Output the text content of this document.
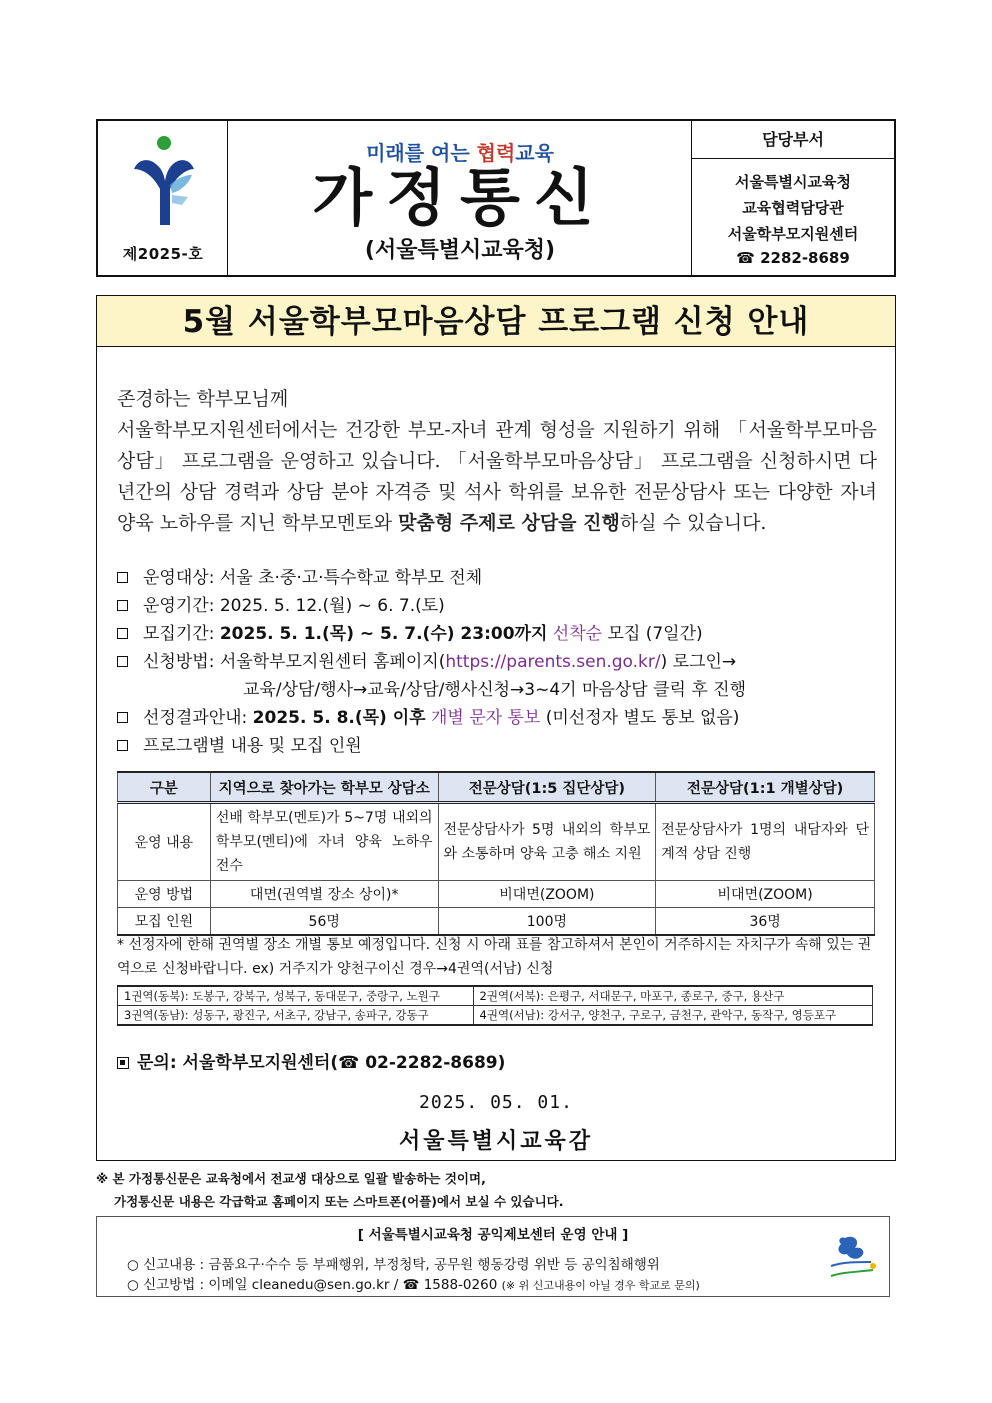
제2025-호
미래를 여는 협력교육
가정통신
(서울특별시교육청)
담당부서
서울특별시교육청
교육협력담당관
서울학부모지원센터
☎ 2282-8689
5월 서울학부모마음상담 프로그램 신청 안내

존경하는 학부모님께

서울학부모지원센터에서는 건강한 부모-자녀 관계 형성을 지원하기 위해 「서울학부모마음상담」 프로그램을 운영하고 있습니다. 「서울학부모마음상담」 프로그램을 신청하시면 다년간의 상담 경력과 상담 분야 자격증 및 석사 학위를 보유한 전문상담사 또는 다양한 자녀 양육 노하우를 지닌 학부모멘토와 맞춤형 주제로 상담을 진행하실 수 있습니다.

운영대상: 서울 초·중·고·특수학교 학부모 전체
운영기간: 2025. 5. 12.(월) ~ 6. 7.(토)
모집기간: 2025. 5. 1.(목) ~ 5. 7.(수) 23:00까지 선착순 모집 (7일간)
신청방법: 서울학부모지원센터 홈페이지(https://parents.sen.go.kr/) 로그인→
교육/상담/행사→교육/상담/행사신청→3~4기 마음상담 클릭 후 진행
선정결과안내: 2025. 5. 8.(목) 이후 개별 문자 통보 (미선정자 별도 통보 없음)
프로그램별 내용 및 모집 인원
구분	지역으로 찾아가는 학부모 상담소	전문상담(1:5 집단상담)	전문상담(1:1 개별상담)
운영 내용	선배 학부모(멘토)가 5~7명 내외의 학부모(멘티)에 자녀 양육 노하우 전수	전문상담사가 5명 내외의 학부모와 소통하며 양육 고충 해소 지원	전문상담사가 1명의 내담자와 단계적 상담 진행
운영 방법	대면(권역별 장소 상이)*	비대면(ZOOM)	비대면(ZOOM)
모집 인원	56명	100명	36명
* 선정자에 한해 권역별 장소 개별 통보 예정입니다. 신청 시 아래 표를 참고하셔서 본인이 거주하시는 자치구가 속해 있는 권역으로 신청바랍니다. ex) 거주지가 양천구이신 경우→4권역(서남) 신청
1권역(동북): 도봉구, 강북구, 성북구, 동대문구, 중랑구, 노원구	2권역(서북): 은평구, 서대문구, 마포구, 종로구, 중구, 용산구
3권역(동남): 성동구, 광진구, 서초구, 강남구, 송파구, 강동구	4권역(서남): 강서구, 양천구, 구로구, 금천구, 관악구, 동작구, 영등포구
문의: 서울학부모지원센터(☎ 02-2282-8689)
2025. 05. 01.
서울특별시교육감
※ 본 가정통신문은 교육청에서 전교생 대상으로 일괄 발송하는 것이며,
가정통신문 내용은 각급학교 홈페이지 또는 스마트폰(어플)에서 보실 수 있습니다.
[ 서울특별시교육청 공익제보센터 운영 안내 ]
○ 신고내용 : 금품요구·수수 등 부패행위, 부정청탁, 공무원 행동강령 위반 등 공익침해행위
○ 신고방법 : 이메일 cleanedu@sen.go.kr / ☎ 1588-0260 (※ 위 신고내용이 아닐 경우 학교로 문의)
